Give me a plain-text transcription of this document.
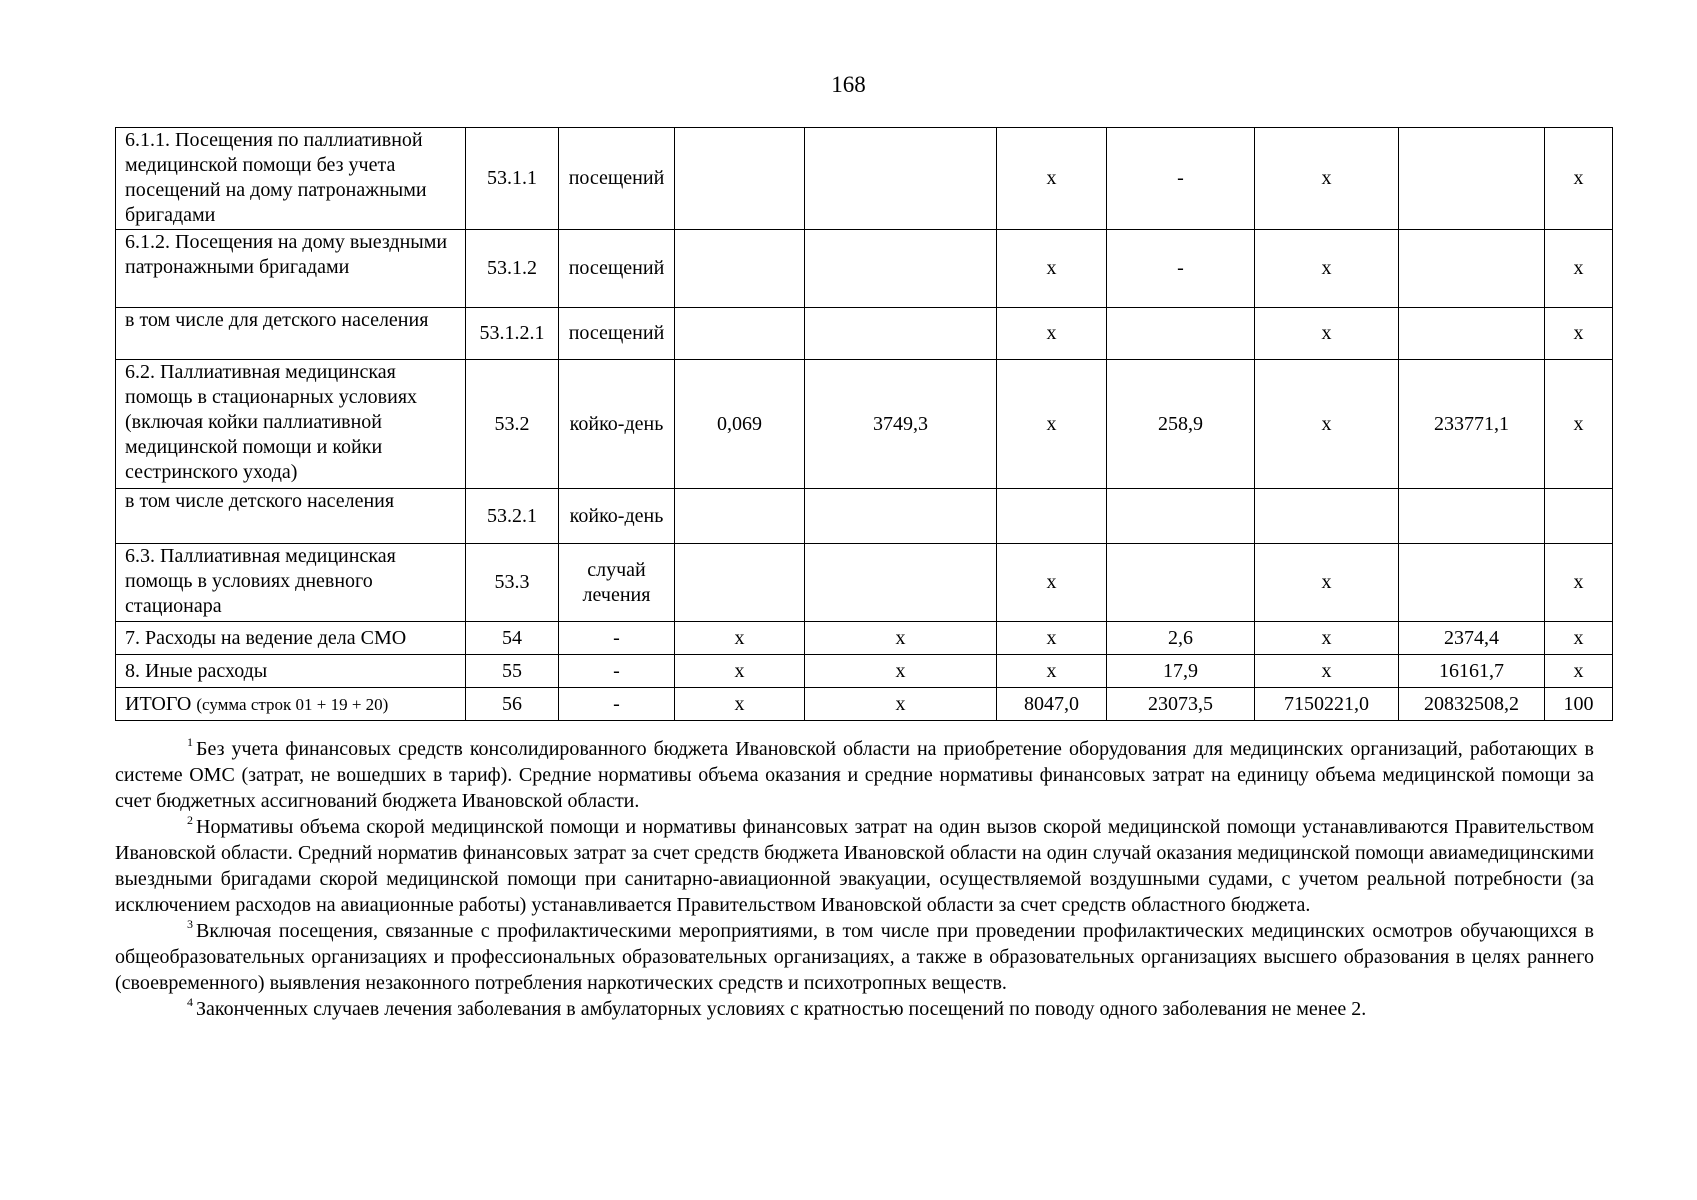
168
6.1.1. Посещения по паллиативной медицинской помощи без учета посещений на дому патронажными бригадами	53.1.1	посещений			х	-	х		х
6.1.2. Посещения на дому выездными патронажными бригадами	53.1.2	посещений			х	-	х		х
в том числе для детского населения	53.1.2.1	посещений			х		х		х
6.2. Паллиативная медицинская помощь в стационарных условиях (включая койки паллиативной медицинской помощи и койки сестринского ухода)	53.2	койко-день	0,069	3749,3	х	258,9	х	233771,1	х
в том числе детского населения	53.2.1	койко-день							
6.3. Паллиативная медицинская помощь в условиях дневного стационара	53.3	случай лечения			х		х		х
7. Расходы на ведение дела СМО	54	-	х	х	х	2,6	х	2374,4	х
8. Иные расходы	55	-	х	х	х	17,9	х	16161,7	х
ИТОГО (сумма строк 01 + 19 + 20)	56	-	х	х	8047,0	23073,5	7150221,0	20832508,2	100

$^1$ Без учета финансовых средств консолидированного бюджета Ивановской области на приобретение оборудования для медицинских организаций, работающих в системе ОМС (затрат, не вошедших в тариф). Средние нормативы объема оказания и средние нормативы финансовых затрат на единицу объема медицинской помощи за счет бюджетных ассигнований бюджета Ивановской области.

$^2$ Нормативы объема скорой медицинской помощи и нормативы финансовых затрат на один вызов скорой медицинской помощи устанавливаются Правительством Ивановской области. Средний норматив финансовых затрат за счет средств бюджета Ивановской области на один случай оказания медицинской помощи авиамедицинскими выездными бригадами скорой медицинской помощи при санитарно-авиационной эвакуации, осуществляемой воздушными судами, с учетом реальной потребности (за исключением расходов на авиационные работы) устанавливается Правительством Ивановской области за счет средств областного бюджета.

$^3$ Включая посещения, связанные с профилактическими мероприятиями, в том числе при проведении профилактических медицинских осмотров обучающихся в общеобразовательных организациях и профессиональных образовательных организациях, а также в образовательных организациях высшего образования в целях раннего (своевременного) выявления незаконного потребления наркотических средств и психотропных веществ.

$^4$ Законченных случаев лечения заболевания в амбулаторных условиях с кратностью посещений по поводу одного заболевания не менее 2.
